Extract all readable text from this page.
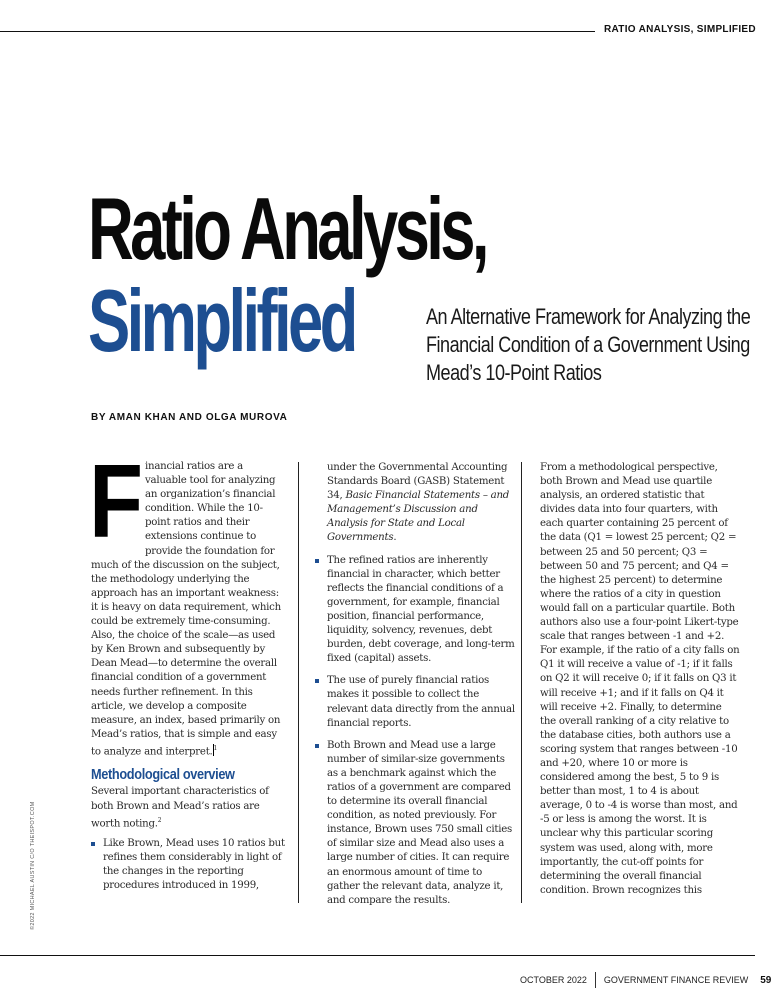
RATIO ANALYSIS, SIMPLIFIED
Ratio Analysis,
Simplified	An Alternative Framework for Analyzing the Financial Condition of a Government Using Mead’s 10-Point Ratios
BY AMAN KHAN AND OLGA MUROVA

Financial ratios are a valuable tool for analyzing an organization’s financial condition. While the 10-point ratios and their extensions continue to provide the foundation for much of the discussion on the subject, the methodology underlying the approach has an important weakness: it is heavy on data requirement, which could be extremely time-consuming. Also, the choice of the scale—as used by Ken Brown and subsequently by Dean Mead—to determine the overall financial condition of a government needs further refinement. In this article, we develop a composite measure, an index, based primarily on Mead’s ratios, that is simple and easy to analyze and interpret.$^1$

Methodological overview

Several important characteristics of both Brown and Mead’s ratios are worth noting.$^2$

Like Brown, Mead uses 10 ratios but refines them considerably in light of the changes in the reporting procedures introduced in 1999,

under the Governmental Accounting Standards Board (GASB) Statement 34, Basic Financial Statements – and Management’s Discussion and Analysis for State and Local Governments.

The refined ratios are inherently financial in character, which better reflects the financial conditions of a government, for example, financial position, financial performance, liquidity, solvency, revenues, debt burden, debt coverage, and long-term fixed (capital) assets.
The use of purely financial ratios makes it possible to collect the relevant data directly from the annual financial reports.
Both Brown and Mead use a large number of similar-size governments as a benchmark against which the ratios of a government are compared to determine its overall financial condition, as noted previously. For instance, Brown uses 750 small cities of similar size and Mead also uses a large number of cities. It can require an enormous amount of time to gather the relevant data, analyze it, and compare the results.

From a methodological perspective, both Brown and Mead use quartile analysis, an ordered statistic that divides data into four quarters, with each quarter containing 25 percent of the data (Q1 = lowest 25 percent; Q2 = between 25 and 50 percent; Q3 = between 50 and 75 percent; and Q4 = the highest 25 percent) to determine where the ratios of a city in question would fall on a particular quartile. Both authors also use a four-point Likert-type scale that ranges between -1 and +2. For example, if the ratio of a city falls on Q1 it will receive a value of -1; if it falls on Q2 it will receive 0; if it falls on Q3 it will receive +1; and if it falls on Q4 it will receive +2. Finally, to determine the overall ranking of a city relative to the database cities, both authors use a scoring system that ranges between -10 and +20, where 10 or more is considered among the best, 5 to 9 is better than most, 1 to 4 is about average, 0 to -4 is worse than most, and -5 or less is among the worst. It is unclear why this particular scoring system was used, along with, more importantly, the cut-off points for determining the overall financial condition. Brown recognizes this

©2022 MICHAEL AUSTIN C/O THEISPOT.COM
OCTOBER 2022 GOVERNMENT FINANCE REVIEW 59
